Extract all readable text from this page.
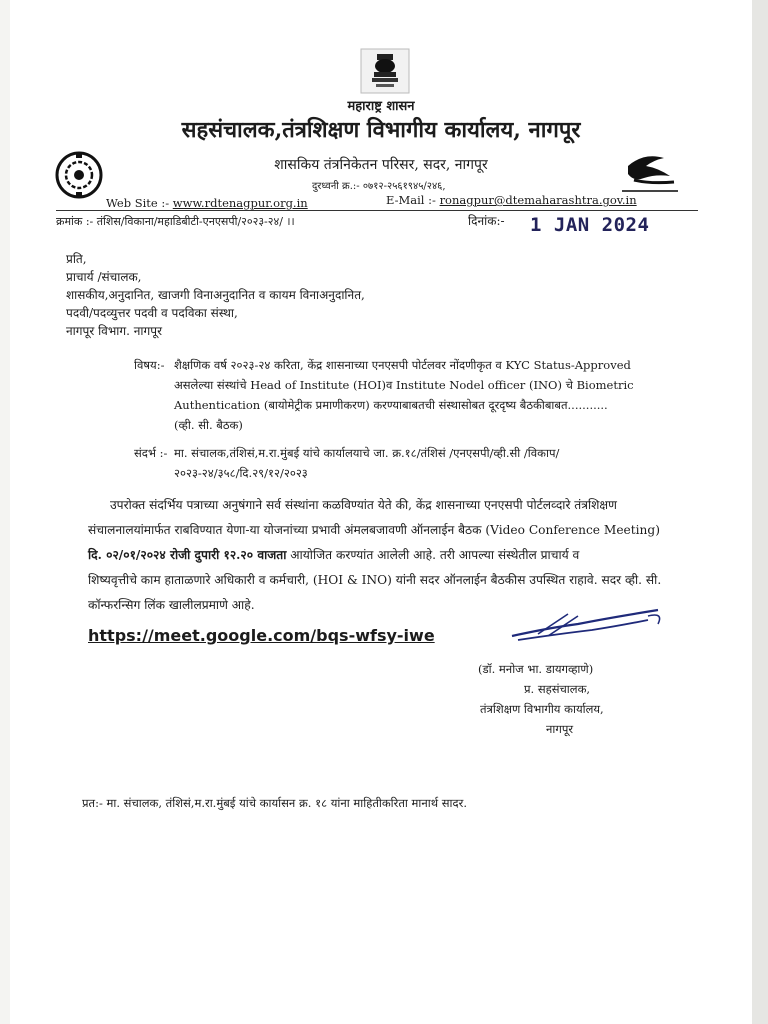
महाराष्ट्र शासन
सहसंचालक,तंत्रशिक्षण विभागीय कार्यालय, नागपूर
शासकिय तंत्रनिकेतन परिसर, सदर, नागपूर
दुरध्वनी क्र.:- ०७१२-२५६१९४५/२४६,
Web Site :- www.rdtenagpur.org.in	E-Mail :- ronagpur@dtemaharashtra.gov.in
क्रमांक :- तंशिस/विकाना/महाडिबीटी-एनएसपी/२०२३-२४/ ।।	दिनांक:- 1 JAN 2024
प्रति,
प्राचार्य /संचालक,
शासकीय,अनुदानित, खाजगी विनाअनुदानित व कायम विनाअनुदानित,
पदवी/पदव्युत्तर पदवी व पदविका संस्था,
नागपूर विभाग. नागपूर
विषय:- शैक्षणिक वर्ष २०२३-२४ करिता, केंद्र शासनाच्या एनएसपी पोर्टलवर नोंदणीकृत व KYC Status-Approved
असलेल्या संस्थांचे Head of Institute (HOI)व Institute Nodel officer (INO) चे Biometric
Authentication (बायोमेट्रीक प्रमाणीकरण) करण्याबाबतची संस्थासोबत दूरदृष्य बैठकीबाबत...........
(व्ही. सी. बैठक)
संदर्भ :- मा. संचालक,तंशिसं,म.रा.मुंबई यांचे कार्यालयाचे जा. क्र.१८/तंशिसं /एनएसपी/व्ही.सी /विकाप/
२०२३-२४/३५८/दि.२९/१२/२०२३
उपरोक्त संदर्भिय पत्राच्या अनुषंगाने सर्व संस्थांना कळविण्यांत येते की, केंद्र शासनाच्या एनएसपी पोर्टलव्दारे तंत्रशिक्षण
संचालनालयांमार्फत राबविण्यात येणा-या योजनांच्या प्रभावी अंमलबजावणी ऑनलाईन बैठक (Video Conference Meeting)
दि. ०२/०१/२०२४ रोजी दुपारी १२.२० वाजता आयोजित करण्यांत आलेली आहे. तरी आपल्या संस्थेतील प्राचार्य व
शिष्यवृत्तीचे काम हाताळणारे अधिकारी व कर्मचारी, (HOI & INO) यांनी सदर ऑनलाईन बैठकीस उपस्थित राहावे. सदर व्ही. सी.
कॉन्फरन्सिग लिंक खालीलप्रमाणे आहे.
https://meet.google.com/bqs-wfsy-iwe
(डॉ. मनोज भा. डायगव्हाणे)
प्र. सहसंचालक,
तंत्रशिक्षण विभागीय कार्यालय,
नागपूर
प्रत:- मा. संचालक, तंशिसं,म.रा.मुंबई यांचे कार्यासन क्र. १८ यांना माहितीकरिता मानार्थ सादर.
